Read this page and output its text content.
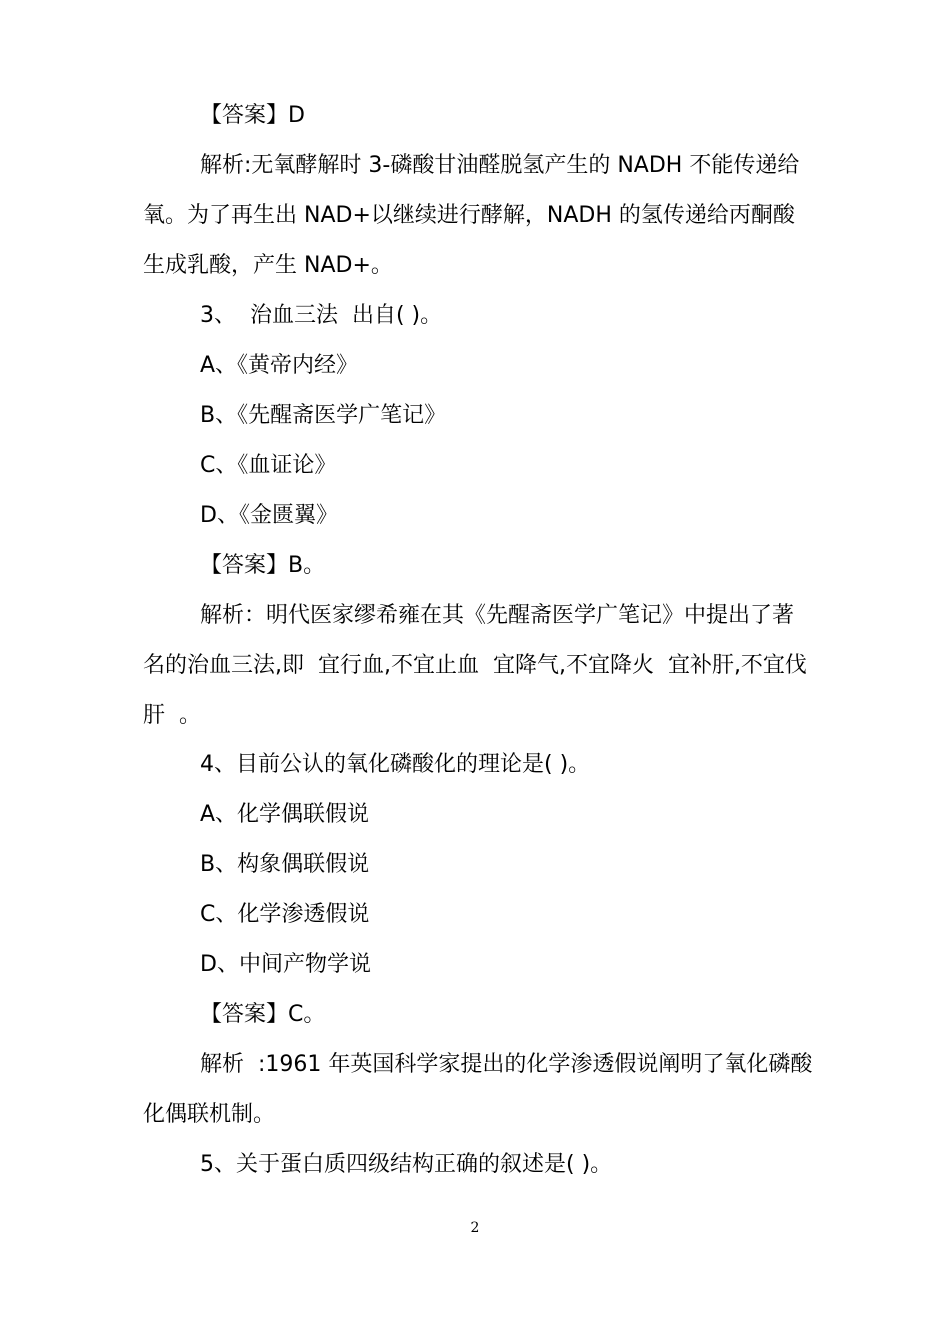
【答案】D
解析:无氧酵解时 3-磷酸甘油醛脱氢产生的 NADH 不能传递给
氧。为了再生出 NAD+以继续进行酵解，NADH 的氢传递给丙酮酸
生成乳酸，产生 NAD+。
3、  治血三法  出自( )。
A、《黄帝内经》
B、《先醒斋医学广笔记》
C、《血证论》
D、《金匮翼》
【答案】B。
解析：明代医家缪希雍在其《先醒斋医学广笔记》中提出了著
名的治血三法,即  宜行血,不宜止血  宜降气,不宜降火  宜补肝,不宜伐
肝  。
4、目前公认的氧化磷酸化的理论是( )。
A、化学偶联假说
B、构象偶联假说
C、化学渗透假说
D、中间产物学说
【答案】C。
解析  :1961 年英国科学家提出的化学渗透假说阐明了氧化磷酸
化偶联机制。
5、关于蛋白质四级结构正确的叙述是( )。
2
